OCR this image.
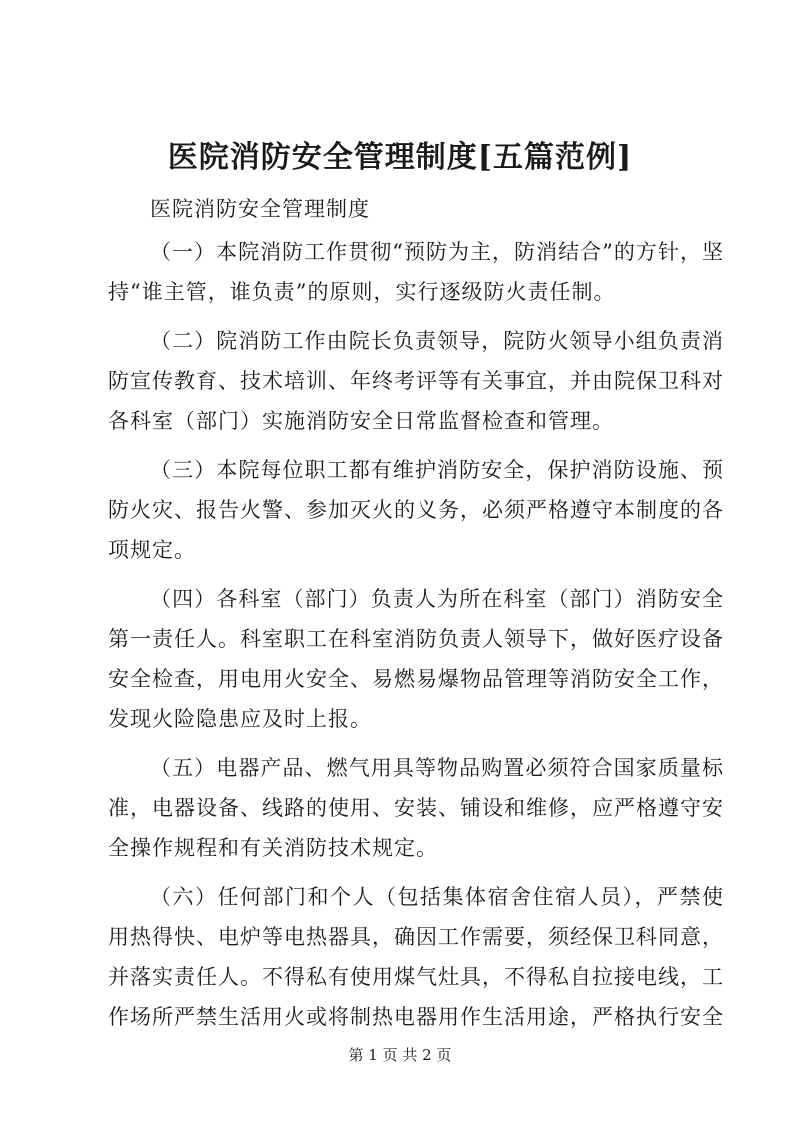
医院消防安全管理制度[五篇范例]
医院消防安全管理制度

（一）本院消防工作贯彻“预防为主，防消结合”的方针，坚持“谁主管，谁负责”的原则，实行逐级防火责任制。

（二）院消防工作由院长负责领导，院防火领导小组负责消防宣传教育、技术培训、年终考评等有关事宜，并由院保卫科对各科室（部门）实施消防安全日常监督检查和管理。

（三）本院每位职工都有维护消防安全，保护消防设施、预防火灾、报告火警、参加灭火的义务，必须严格遵守本制度的各项规定。

（四）各科室（部门）负责人为所在科室（部门）消防安全第一责任人。科室职工在科室消防负责人领导下，做好医疗设备安全检查，用电用火安全、易燃易爆物品管理等消防安全工作，发现火险隐患应及时上报。

（五）电器产品、燃气用具等物品购置必须符合国家质量标准，电器设备、线路的使用、安装、铺设和维修，应严格遵守安全操作规程和有关消防技术规定。

（六）任何部门和个人（包括集体宿舍住宿人员），严禁使用热得快、电炉等电热器具，确因工作需要，须经保卫科同意，并落实责任人。不得私有使用煤气灶具，不得私自拉接电线，工作场所严禁生活用火或将制热电器用作生活用途，严格执行安全

第 1 页 共 2 页
